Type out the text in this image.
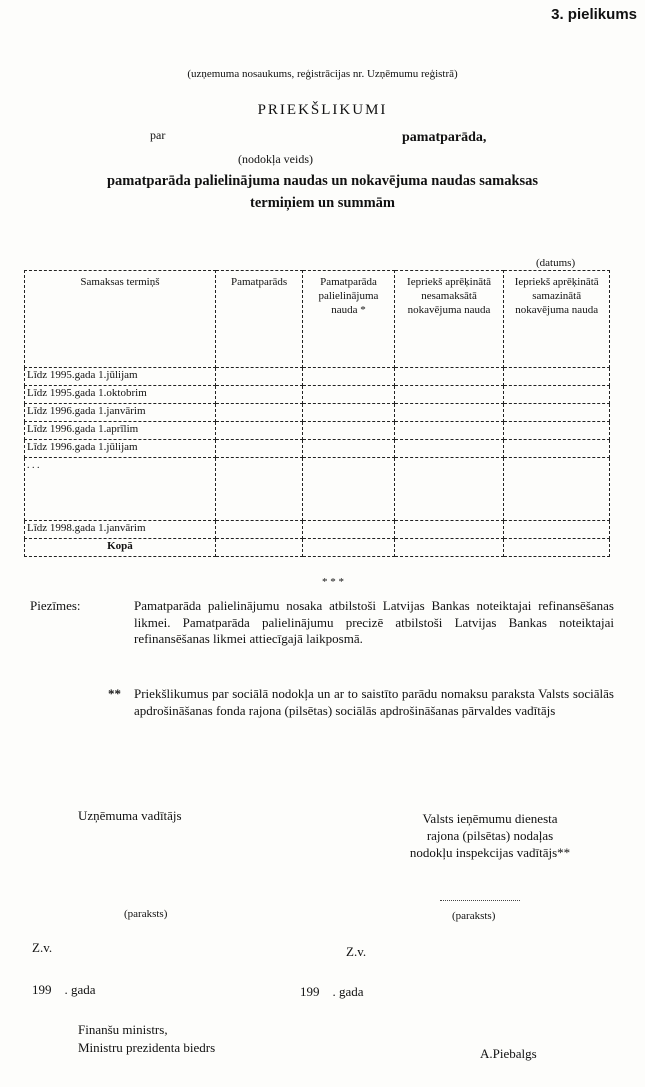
3. pielikums
(uzņemuma nosaukums, reģistrācijas nr. Uzņēmumu reģistrā)
PRIEKŠLIKUMI
par	pamatparāda,
(nodokļa veids)
pamatparāda palielinājuma naudas un nokavējuma naudas samaksas
termiņiem un summām
(datums)
Samaksas termiņš	Pamatparāds	Pamatparāda palielinājuma nauda *	Iepriekš aprēķinātā nesamaksātā nokavējuma nauda	Iepriekš aprēķinātā samazinātā nokavējuma nauda
Līdz 1995.gada 1.jūlijam				
Līdz 1995.gada 1.oktobrim				
Līdz 1996.gada 1.janvārim				
Līdz 1996.gada 1.aprīlim				
Līdz 1996.gada 1.jūlijam				
. . .				
Līdz 1998.gada 1.janvārim				
Kopā				
* * *
Piezīmes:	Pamatparāda palielinājumu nosaka atbilstoši Latvijas Bankas noteiktajai refinansēšanas likmei. Pamatparāda palielinājumu precizē atbilstoši Latvijas Bankas noteiktajai refinansēšanas likmei attiecīgajā laikposmā.
** Priekšlikumus par sociālā nodokļa un ar to saistīto parādu nomaksu paraksta Valsts sociālās apdrošināšanas fonda rajona (pilsētas) sociālās apdrošināšanas pārvaldes vadītājs
Uzņēmuma vadītājs	Valsts ieņēmumu dienesta
rajona (pilsētas) nodaļas
nodokļu inspekcijas vadītājs**
(paraksts)	(paraksts)
Z.v.	Z.v.
199    . gada	199    . gada
Finanšu ministrs,
Ministru prezidenta biedrs	A.Piebalgs
